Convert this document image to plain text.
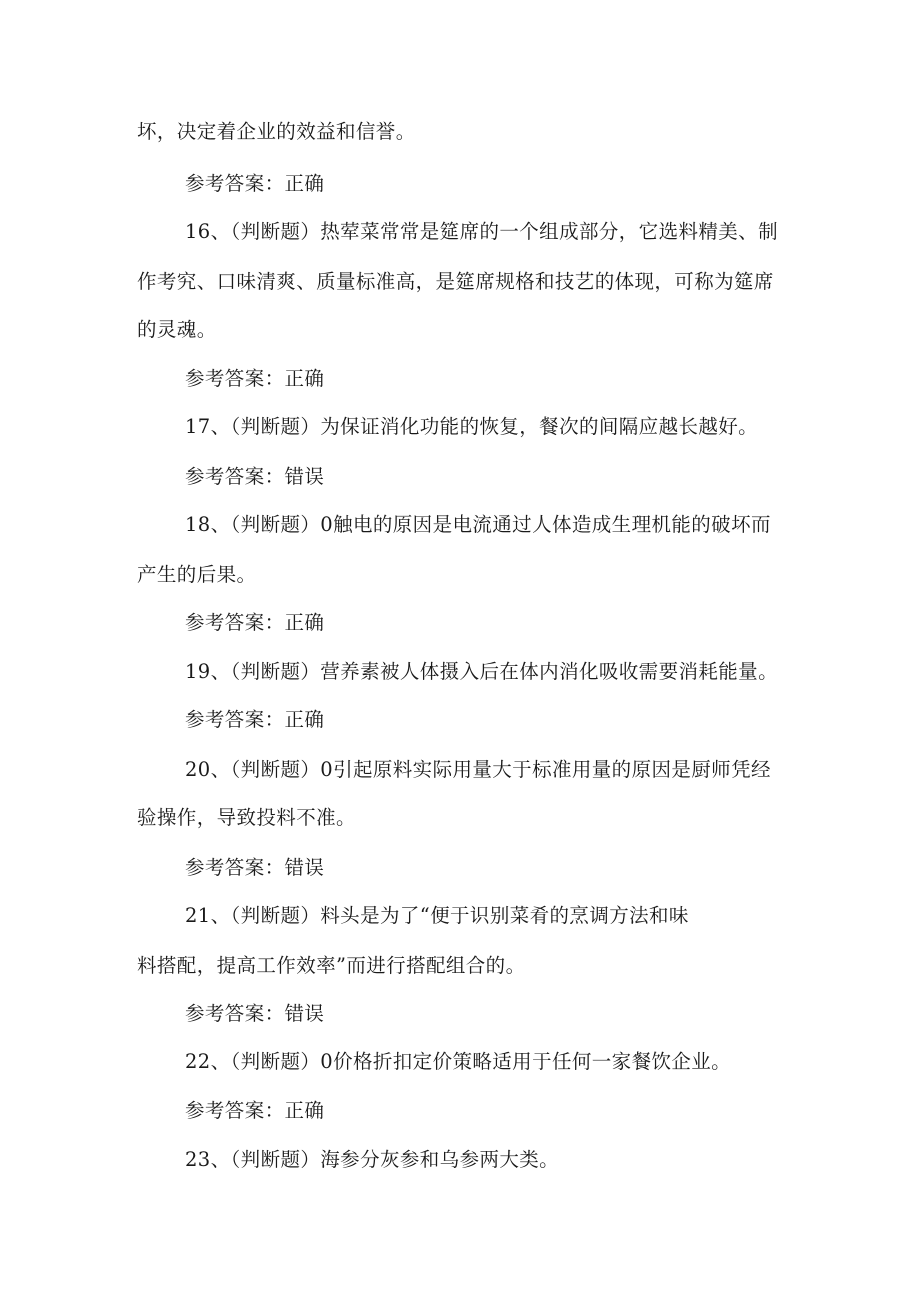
坏，决定着企业的效益和信誉。
参考答案：正确
16、（判断题）热荤菜常常是筵席的一个组成部分，它选料精美、制
作考究、口味清爽、质量标准高，是筵席规格和技艺的体现，可称为筵席
的灵魂。
参考答案：正确
17、（判断题）为保证消化功能的恢复，餐次的间隔应越长越好。
参考答案：错误
18、（判断题）0触电的原因是电流通过人体造成生理机能的破坏而
产生的后果。
参考答案：正确
19、（判断题）营养素被人体摄入后在体内消化吸收需要消耗能量。
参考答案：正确
20、（判断题）0引起原料实际用量大于标准用量的原因是厨师凭经
验操作，导致投料不准。
参考答案：错误
21、（判断题）料头是为了“便于识别菜肴的烹调方法和味
料搭配，提高工作效率”而进行搭配组合的。
参考答案：错误
22、（判断题）0价格折扣定价策略适用于任何一家餐饮企业。
参考答案：正确
23、（判断题）海参分灰参和乌参两大类。
